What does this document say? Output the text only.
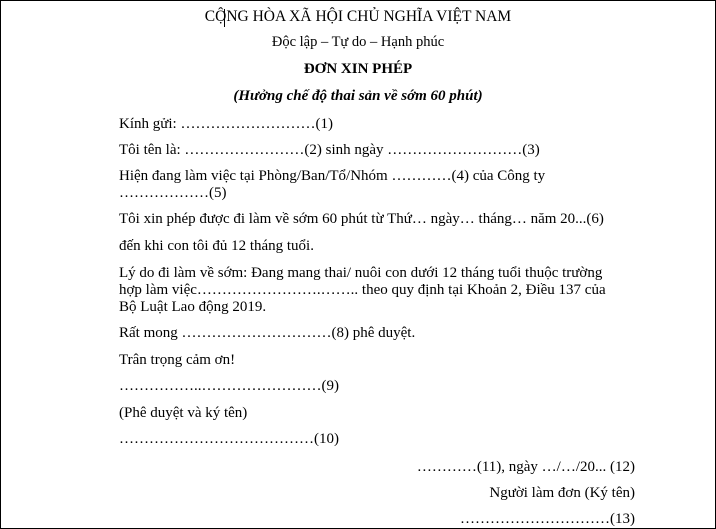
CỘNG HÒA XÃ HỘI CHỦ NGHĨA VIỆT NAM
Độc lập – Tự do – Hạnh phúc
ĐƠN XIN PHÉP
(Hưởng chế độ thai sản về sớm 60 phút)
Kính gửi: ………………………(1)
Tôi tên là: ……………………(2) sinh ngày ………………………(3)
Hiện đang làm việc tại Phòng/Ban/Tổ/Nhóm …………(4) của Công ty
………………(5)
Tôi xin phép được đi làm về sớm 60 phút từ Thứ… ngày… tháng… năm 20...(6)
đến khi con tôi đủ 12 tháng tuổi.
Lý do đi làm về sớm: Đang mang thai/ nuôi con dưới 12 tháng tuổi thuộc trường
hợp làm việc…………………….…….. theo quy định tại Khoản 2, Điều 137 của
Bộ Luật Lao động 2019.
Rất mong …………………………(8) phê duyệt.
Trân trọng cảm ơn!
……………..……………………(9)
(Phê duyệt và ký tên)
…………………………………(10)
…………(11), ngày …/…/20... (12)
Người làm đơn (Ký tên)
…………………………(13)
